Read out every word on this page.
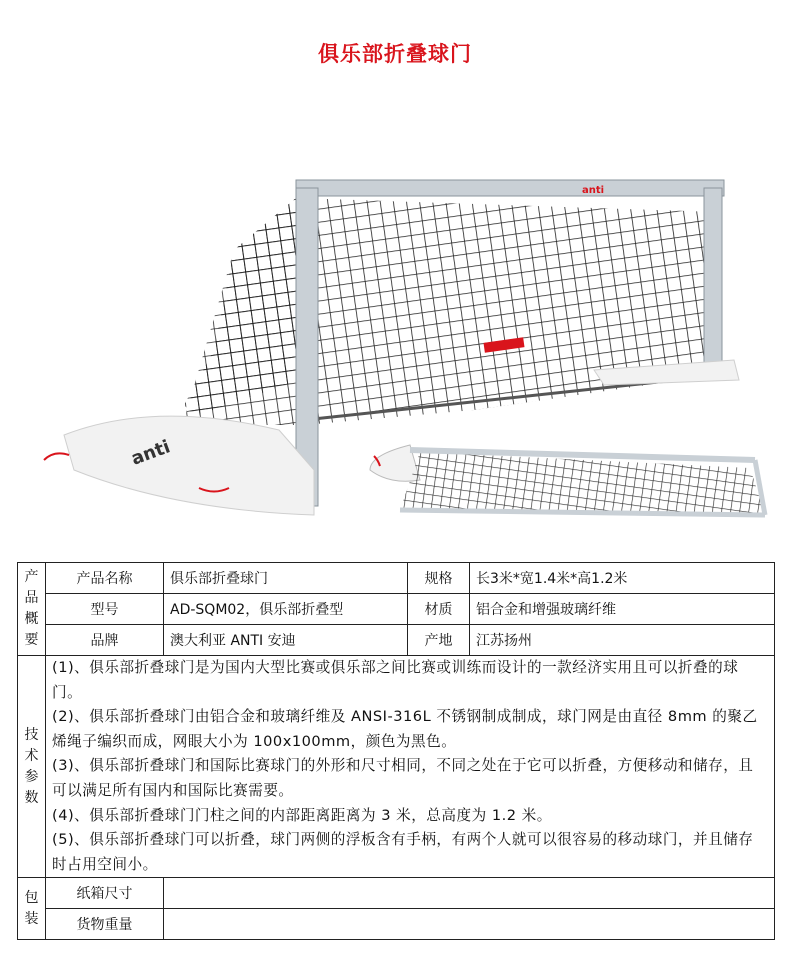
俱乐部折叠球门
anti
anti
产品概要	产品名称	俱乐部折叠球门	规格	长3米*宽1.4米*高1.2米
	型号	AD-SQM02，俱乐部折叠型	材质	铝合金和增强玻璃纤维
	品牌	澳大利亚 ANTI 安迪	产地	江苏扬州
技术参数	(1)、俱乐部折叠球门是为国内大型比赛或俱乐部之间比赛或训练而设计的一款经济实用且可以折叠的球门。
(2)、俱乐部折叠球门由铝合金和玻璃纤维及 ANSI-316L 不锈钢制成制成，球门网是由直径 8mm 的聚乙烯绳子编织而成，网眼大小为 100x100mm，颜色为黑色。
(3)、俱乐部折叠球门和国际比赛球门的外形和尺寸相同，不同之处在于它可以折叠，方便移动和储存，且可以满足所有国内和国际比赛需要。
(4)、俱乐部折叠球门门柱之间的内部距离距离为 3 米，总高度为 1.2 米。
(5)、俱乐部折叠球门可以折叠，球门两侧的浮板含有手柄，有两个人就可以很容易的移动球门，并且储存时占用空间小。			

包装	纸箱尺寸			
	货物重量			
